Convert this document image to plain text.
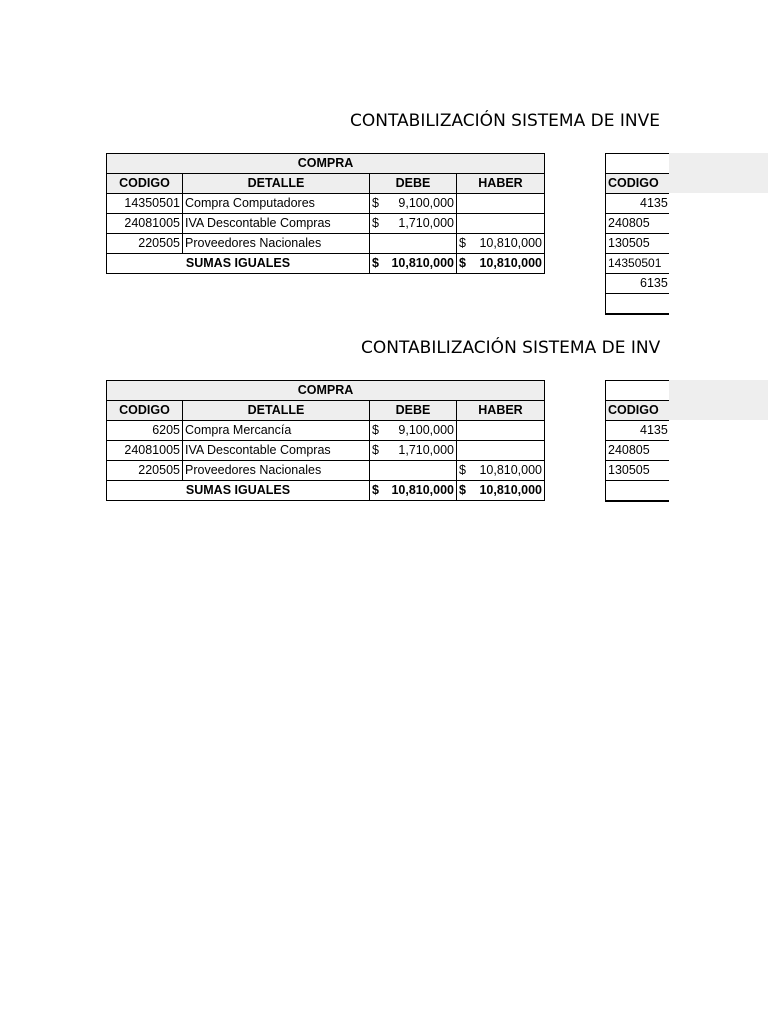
CONTABILIZACIÓN SISTEMA DE INVE
CONTABILIZACIÓN SISTEMA DE INV
COMPRA			
CODIGO	DETALLE	DEBE	HABER
14350501	Compra Computadores	$ 9,100,000	

24081005	IVA Descontable Compras	$ 1,710,000	

220505	Proveedores Nacionales		$ 10,810,000

SUMAS IGUALES		$ 10,810,000	$ 10,810,000

CODIGO
4135
240805
130505
14350501
6135

COMPRA			
CODIGO	DETALLE	DEBE	HABER
6205	Compra Mercancía	$ 9,100,000	

24081005	IVA Descontable Compras	$ 1,710,000	

220505	Proveedores Nacionales		$ 10,810,000

SUMAS IGUALES		$ 10,810,000	$ 10,810,000

CODIGO
4135
240805
130505
